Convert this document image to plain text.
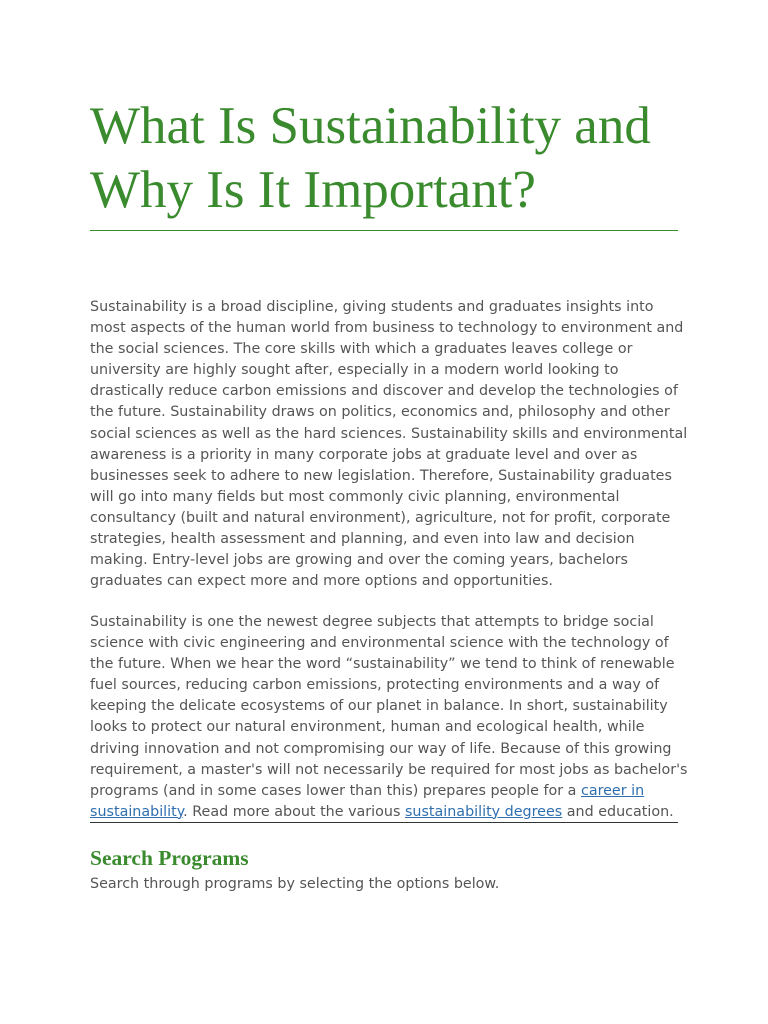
What Is Sustainability and
Why Is It Important?

Sustainability is a broad discipline, giving students and graduates insights into most aspects of the human world from business to technology to environment and the social sciences. The core skills with which a graduates leaves college or university are highly sought after, especially in a modern world looking to drastically reduce carbon emissions and discover and develop the technologies of the future. Sustainability draws on politics, economics and, philosophy and other social sciences as well as the hard sciences. Sustainability skills and environmental awareness is a priority in many corporate jobs at graduate level and over as businesses seek to adhere to new legislation. Therefore, Sustainability graduates will go into many fields but most commonly civic planning, environmental consultancy (built and natural environment), agriculture, not for profit, corporate strategies, health assessment and planning, and even into law and decision making. Entry-level jobs are growing and over the coming years, bachelors graduates can expect more and more options and opportunities.

Sustainability is one the newest degree subjects that attempts to bridge social science with civic engineering and environmental science with the technology of the future. When we hear the word “sustainability” we tend to think of renewable fuel sources, reducing carbon emissions, protecting environments and a way of keeping the delicate ecosystems of our planet in balance. In short, sustainability looks to protect our natural environment, human and ecological health, while driving innovation and not compromising our way of life. Because of this growing requirement, a master's will not necessarily be required for most jobs as bachelor's programs (and in some cases lower than this) prepares people for a career in sustainability. Read more about the various sustainability degrees and education.

Search Programs

Search through programs by selecting the options below.
